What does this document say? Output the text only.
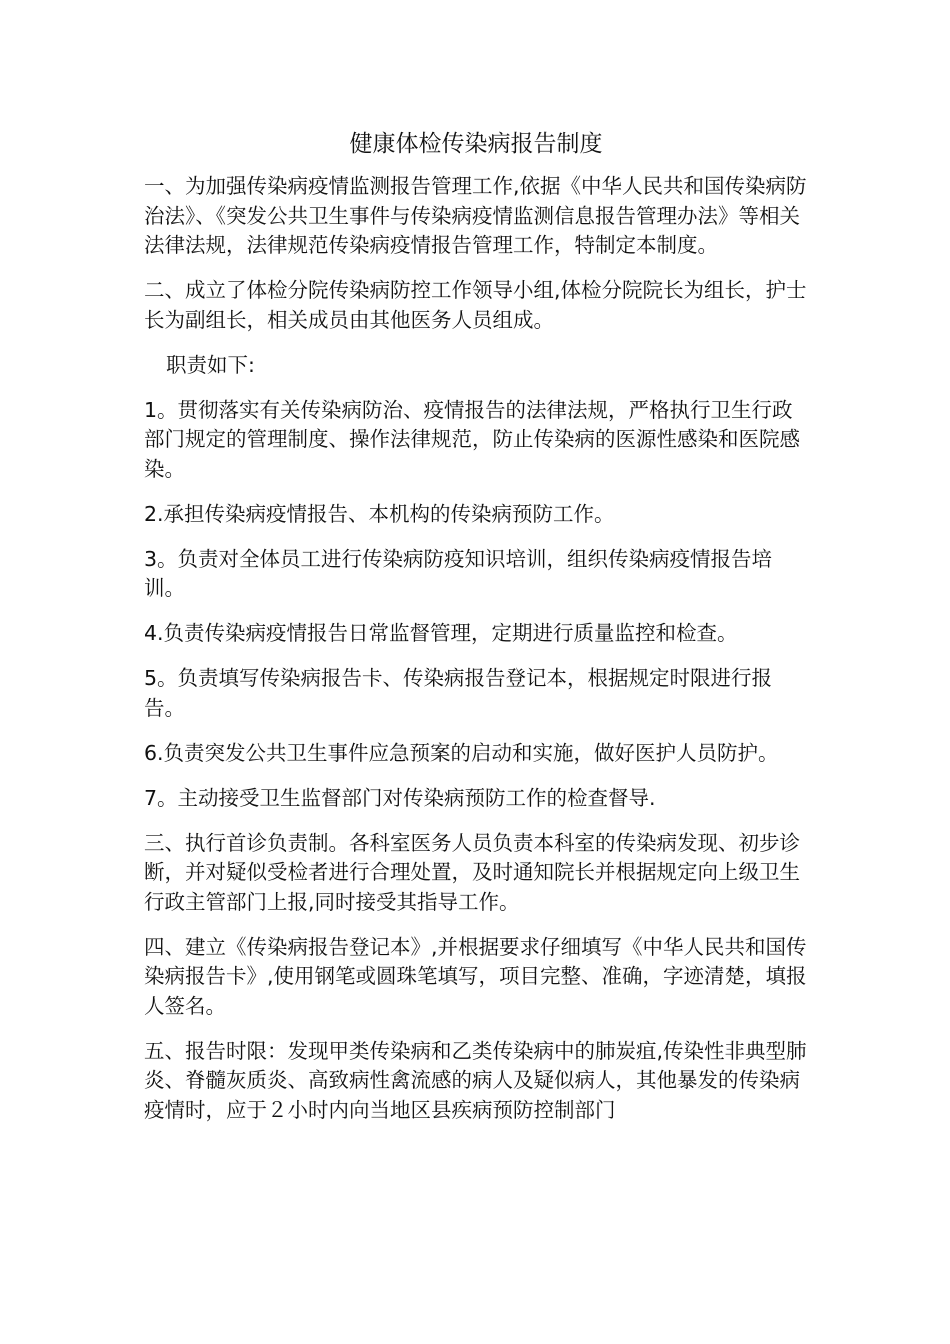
健康体检传染病报告制度

一、为加强传染病疫情监测报告管理工作,依据《中华人民共和国传染病防治法》、《突发公共卫生事件与传染病疫情监测信息报告管理办法》等相关法律法规，法律规范传染病疫情报告管理工作，特制定本制度。

二、成立了体检分院传染病防控工作领导小组,体检分院院长为组长，护士长为副组长，相关成员由其他医务人员组成。

职责如下:

1。贯彻落实有关传染病防治、疫情报告的法律法规，严格执行卫生行政部门规定的管理制度、操作法律规范，防止传染病的医源性感染和医院感染。

2.承担传染病疫情报告、本机构的传染病预防工作。

3。负责对全体员工进行传染病防疫知识培训，组织传染病疫情报告培训。

4.负责传染病疫情报告日常监督管理，定期进行质量监控和检查。

5。负责填写传染病报告卡、传染病报告登记本，根据规定时限进行报告。

6.负责突发公共卫生事件应急预案的启动和实施，做好医护人员防护。

7。主动接受卫生监督部门对传染病预防工作的检查督导.

三、执行首诊负责制。各科室医务人员负责本科室的传染病发现、初步诊断，并对疑似受检者进行合理处置，及时通知院长并根据规定向上级卫生行政主管部门上报,同时接受其指导工作。

四、建立《传染病报告登记本》,并根据要求仔细填写《中华人民共和国传染病报告卡》,使用钢笔或圆珠笔填写，项目完整、准确，字迹清楚，填报人签名。

五、报告时限：发现甲类传染病和乙类传染病中的肺炭疽,传染性非典型肺炎、脊髓灰质炎、高致病性禽流感的病人及疑似病人，其他暴发的传染病疫情时，应于２小时内向当地区县疾病预防控制部门
